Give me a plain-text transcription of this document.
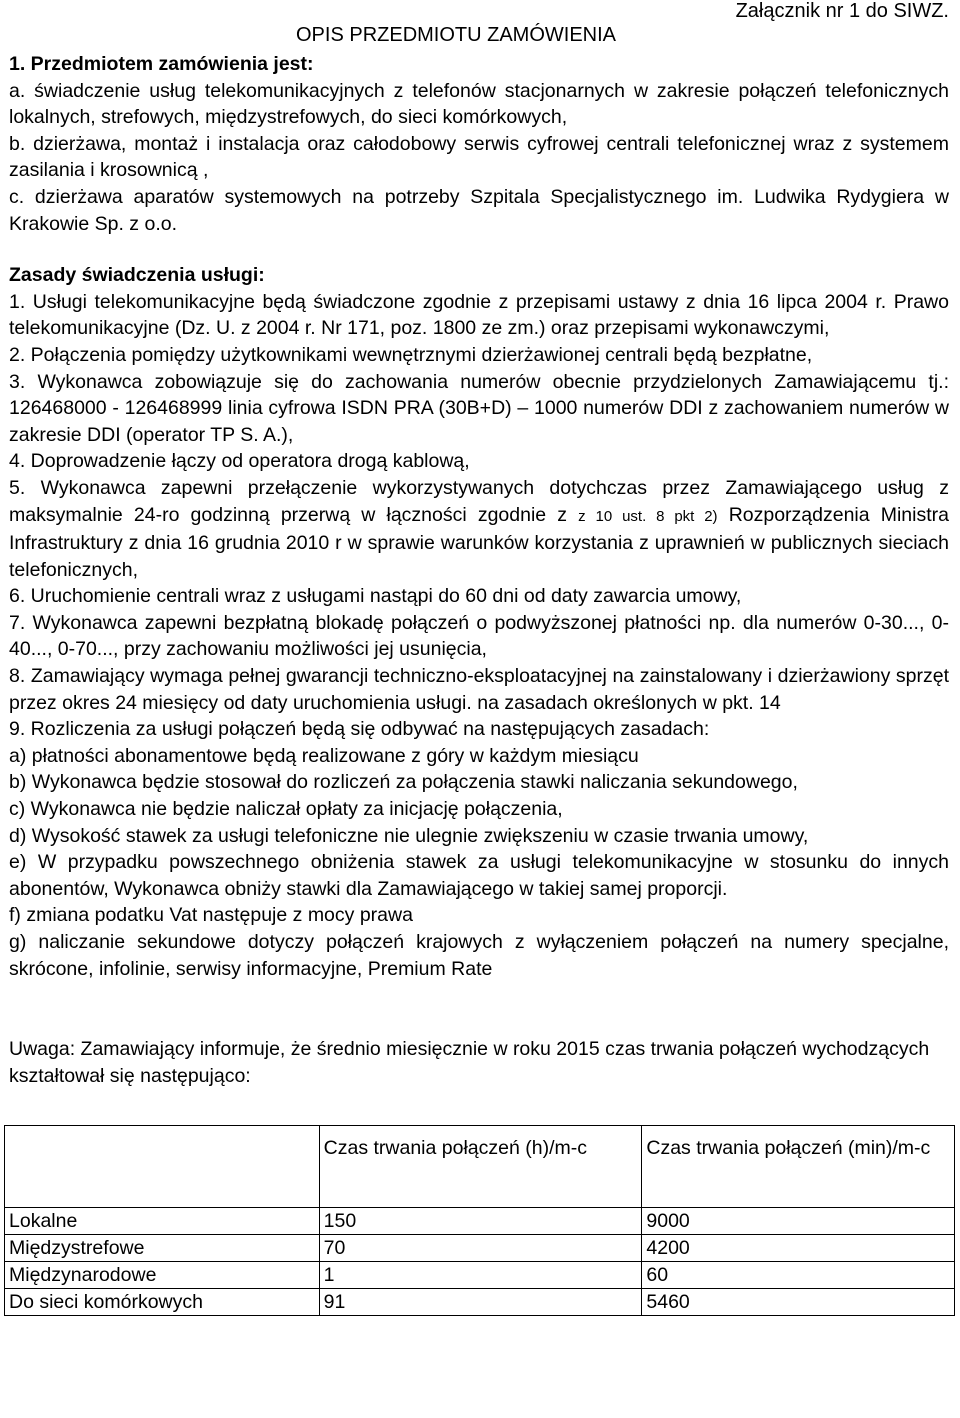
OPIS PRZEDMIOTU ZAMÓWIENIA
Załącznik nr 1 do SIWZ.

1. Przedmiotem zamówienia jest:

a. świadczenie usług telekomunikacyjnych z telefonów stacjonarnych w zakresie połączeń telefonicznych lokalnych, strefowych, międzystrefowych, do sieci komórkowych,

b. dzierżawa, montaż i instalacja oraz całodobowy serwis cyfrowej centrali telefonicznej wraz z systemem zasilania i krosownicą ,

c. dzierżawa aparatów systemowych na potrzeby Szpitala Specjalistycznego im. Ludwika Rydygiera w Krakowie Sp. z o.o.

Zasady świadczenia usługi:

1. Usługi telekomunikacyjne będą świadczone zgodnie z przepisami ustawy z dnia 16 lipca 2004 r. Prawo telekomunikacyjne (Dz. U. z 2004 r. Nr 171, poz. 1800 ze zm.) oraz przepisami wykonawczymi,

2. Połączenia pomiędzy użytkownikami wewnętrznymi dzierżawionej centrali będą bezpłatne,

3. Wykonawca zobowiązuje się do zachowania numerów obecnie przydzielonych Zamawiającemu tj.: 126468000 - 126468999 linia cyfrowa ISDN PRA (30B+D) – 1000 numerów DDI z zachowaniem numerów w zakresie DDI (operator TP S. A.),

4. Doprowadzenie łączy od operatora drogą kablową,

5. Wykonawca zapewni przełączenie wykorzystywanych dotychczas przez Zamawiającego usług z maksymalnie 24-ro godzinną przerwą w łączności zgodnie z z 10 ust. 8 pkt 2) Rozporządzenia Ministra Infrastruktury z dnia 16 grudnia 2010 r w sprawie warunków korzystania z uprawnień w publicznych sieciach telefonicznych,

6. Uruchomienie centrali wraz z usługami nastąpi do 60 dni od daty zawarcia umowy,

7. Wykonawca zapewni bezpłatną blokadę połączeń o podwyższonej płatności np. dla numerów 0-30..., 0-40..., 0-70..., przy zachowaniu możliwości jej usunięcia,

8. Zamawiający wymaga pełnej gwarancji techniczno-eksploatacyjnej na zainstalowany i dzierżawiony sprzęt przez okres 24 miesięcy od daty uruchomienia usługi. na zasadach określonych w pkt. 14

9. Rozliczenia za usługi połączeń będą się odbywać na następujących zasadach:

a) płatności abonamentowe będą realizowane z góry w każdym miesiącu

b) Wykonawca będzie stosował do rozliczeń za połączenia stawki naliczania sekundowego,

c) Wykonawca nie będzie naliczał opłaty za inicjację połączenia,

d) Wysokość stawek za usługi telefoniczne nie ulegnie zwiększeniu w czasie trwania umowy,

e) W przypadku powszechnego obniżenia stawek za usługi telekomunikacyjne w stosunku do innych abonentów, Wykonawca obniży stawki dla Zamawiającego w takiej samej proporcji.

f) zmiana podatku Vat następuje z mocy prawa

g) naliczanie sekundowe dotyczy połączeń krajowych z wyłączeniem połączeń na numery specjalne, skrócone, infolinie, serwisy informacyjne, Premium Rate

Uwaga: Zamawiający informuje, że średnio miesięcznie w roku 2015 czas trwania połączeń wychodzących kształtował się następująco:

	Czas trwania połączeń (h)/m-c	Czas trwania połączeń (min)/m-c
Lokalne	150	9000
Międzystrefowe	70	4200
Międzynarodowe	1	60
Do sieci komórkowych	91	5460
